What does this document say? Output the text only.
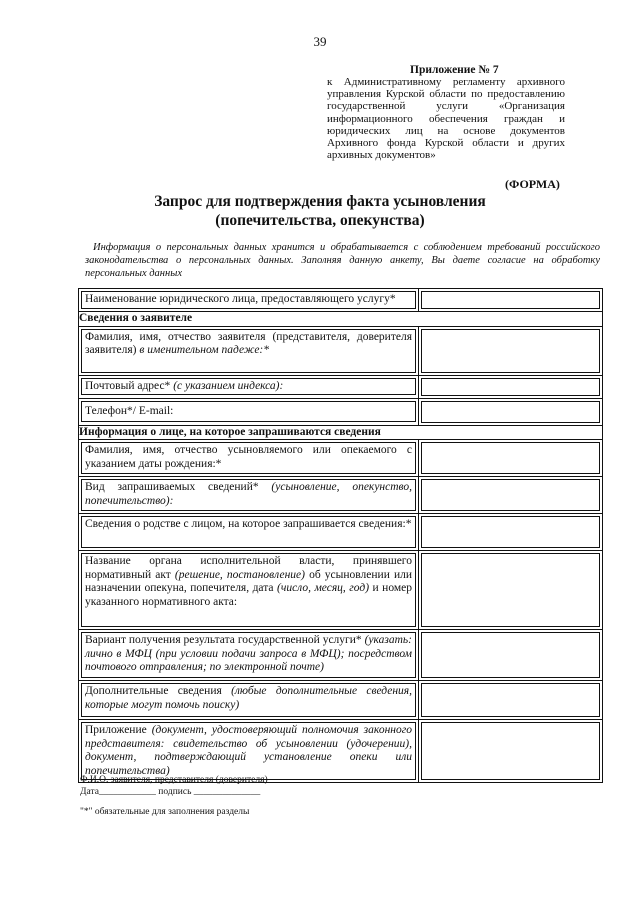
39
Приложение № 7
к Административному регламенту архивного управления Курской области по предоставлению государственной услуги «Организация информационного обеспечения граждан и юридических лиц на основе документов Архивного фонда Курской области и других архивных документов»
(ФОРМА)
Запрос для подтверждения факта усыновления
(попечительства, опекунства)
Информация о персональных данных хранится и обрабатывается с соблюдением требований российского законодательства о персональных данных. Заполняя данную анкету, Вы даете согласие на обработку персональных данных
Наименование юридического лица, предоставляющего услугу*	

Сведения о заявителе	

Фамилия, имя, отчество заявителя (представителя, доверителя заявителя) в именительном падеже:*	

Почтовый адрес* (с указанием индекса):	

Телефон*/ E-mail:	

Информация о лице, на которое запрашиваются сведения	

Фамилия, имя, отчество усыновляемого или опекаемого с указанием даты рождения:*	

Вид запрашиваемых сведений* (усыновление, опекунство, попечительство):	

Сведения о родстве с лицом, на которое запрашивается сведения:*	

Название органа исполнительной власти, принявшего нормативный акт (решение, постановление) об усыновлении или назначении опекуна, попечителя, дата (число, месяц, год) и номер указанного нормативного акта:	

Вариант получения результата государственной услуги* (указать: лично в МФЦ (при условии подачи запроса в МФЦ); посредством почтового отправления; по электронной почте)	

Дополнительные сведения (любые дополнительные сведения, которые могут помочь поиску)	

Приложение (документ, удостоверяющий полномочия законного представителя: свидетельство об усыновлении (удочерении), документ, подтверждающий установление опеки или попечительства)	

Ф.И.О. заявителя, представителя (доверителя)
Дата____________ подпись ______________
"*" обязательные для заполнения разделы
